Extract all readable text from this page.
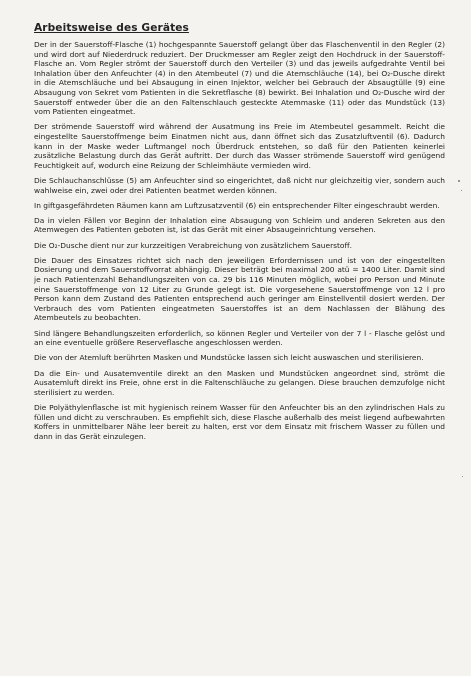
Arbeitsweise des Gerätes

Der in der Sauerstoff-Flasche (1) hochgespannte Sauerstoff gelangt über das Flaschenventil in den Regler (2) und wird dort auf Niederdruck reduziert. Der Druckmesser am Regler zeigt den Hochdruck in der Sauerstoff-Flasche an. Vom Regler strömt der Sauerstoff durch den Verteiler (3) und das jeweils aufgedrahte Ventil bei Inhalation über den Anfeuchter (4) in den Atembeutel (7) und die Atemschläuche (14), bei O₂-Dusche direkt in die Atemschläuche und bei Absaugung in einen Injektor, welcher bei Gebrauch der Absaugtülle (9) eine Absaugung von Sekret vom Patienten in die Sekretflasche (8) bewirkt. Bei Inhalation und O₂-Dusche wird der Sauerstoff entweder über die an den Faltenschlauch gesteckte Atemmaske (11) oder das Mundstück (13) vom Patienten eingeatmet.

Der strömende Sauerstoff wird während der Ausatmung ins Freie im Atembeutel gesammelt. Reicht die eingestellte Sauerstoffmenge beim Einatmen nicht aus, dann öffnet sich das Zusatzluftventil (6). Dadurch kann in der Maske weder Luftmangel noch Überdruck entstehen, so daß für den Patienten keinerlei zusätzliche Belastung durch das Gerät auftritt. Der durch das Wasser strömende Sauerstoff wird genügend Feuchtigkeit auf, wodurch eine Reizung der Schleimhäute vermieden wird.

Die Schlauchanschlüsse (5) am Anfeuchter sind so eingerichtet, daß nicht nur gleichzeitig vier, sondern auch wahlweise ein, zwei oder drei Patienten beatmet werden können.

In giftgasgefährdeten Räumen kann am Luftzusatzventil (6) ein entsprechender Filter eingeschraubt werden.

Da in vielen Fällen vor Beginn der Inhalation eine Absaugung von Schleim und anderen Sekreten aus den Atemwegen des Patienten geboten ist, ist das Gerät mit einer Absaugeinrichtung versehen.

Die O₂-Dusche dient nur zur kurzzeitigen Verabreichung von zusätzlichem Sauerstoff.

Die Dauer des Einsatzes richtet sich nach den jeweiligen Erfordernissen und ist von der eingestellten Dosierung und dem Sauerstoffvorrat abhängig. Dieser beträgt bei maximal 200 atü = 1400 Liter. Damit sind je nach Patientenzahl Behandlungszeiten von ca. 29 bis 116 Minuten möglich, wobei pro Person und Minute eine Sauerstoffmenge von 12 Liter zu Grunde gelegt ist. Die vorgesehene Sauerstoffmenge von 12 l pro Person kann dem Zustand des Patienten entsprechend auch geringer am Einstellventil dosiert werden. Der Verbrauch des vom Patienten eingeatmeten Sauerstoffes ist an dem Nachlassen der Blähung des Atembeutels zu beobachten.

Sind längere Behandlungszeiten erforderlich, so können Regler und Verteiler von der 7 l - Flasche gelöst und an eine eventuelle größere Reserveflasche angeschlossen werden.

Die von der Atemluft berührten Masken und Mundstücke lassen sich leicht auswaschen und sterilisieren.

Da die Ein- und Ausatemventile direkt an den Masken und Mundstücken angeordnet sind, strömt die Ausatemluft direkt ins Freie, ohne erst in die Faltenschläuche zu gelangen. Diese brauchen demzufolge nicht sterilisiert zu werden.

Die Polyäthylenflasche ist mit hygienisch reinem Wasser für den Anfeuchter bis an den zylindrischen Hals zu füllen und dicht zu verschrauben. Es empfiehlt sich, diese Flasche außerhalb des meist liegend aufbewahrten Koffers in unmittelbarer Nähe leer bereit zu halten, erst vor dem Einsatz mit frischem Wasser zu füllen und dann in das Gerät einzulegen.
